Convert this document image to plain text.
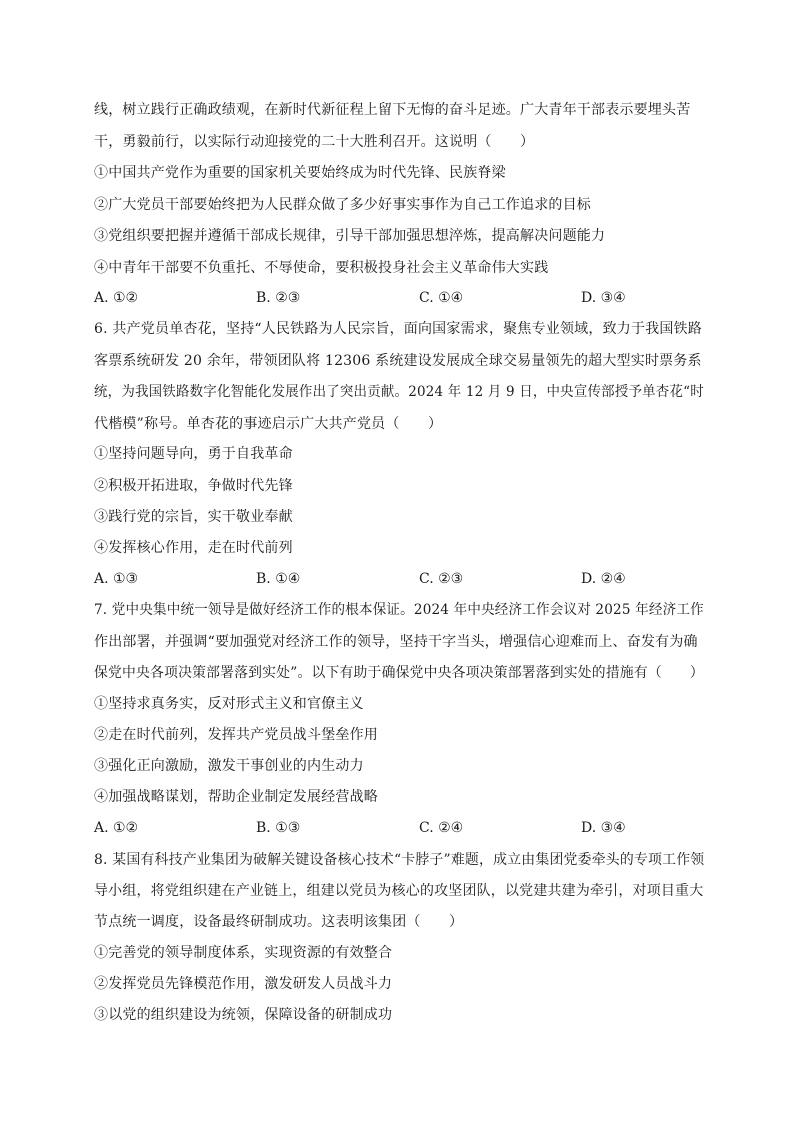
线，树立践行正确政绩观，在新时代新征程上留下无悔的奋斗足迹。广大青年干部表示要埋头苦
干，勇毅前行，以实际行动迎接党的二十大胜利召开。这说明（　　）
①中国共产党作为重要的国家机关要始终成为时代先锋、民族脊梁
②广大党员干部要始终把为人民群众做了多少好事实事作为自己工作追求的目标
③党组织要把握并遵循干部成长规律，引导干部加强思想淬炼，提高解决问题能力
④中青年干部要不负重托、不辱使命，要积极投身社会主义革命伟大实践
A. ①②	B. ②③	C. ①④	D. ③④
6. 共产党员单杏花，坚持“人民铁路为人民宗旨，面向国家需求，聚焦专业领域，致力于我国铁路
客票系统研发 20 余年，带领团队将 12306 系统建设发展成全球交易量领先的超大型实时票务系
统，为我国铁路数字化智能化发展作出了突出贡献。2024 年 12 月 9 日，中央宣传部授予单杏花“时
代楷模”称号。单杏花的事迹启示广大共产党员（　　）
①坚持问题导向，勇于自我革命
②积极开拓进取，争做时代先锋
③践行党的宗旨，实干敬业奉献
④发挥核心作用，走在时代前列
A. ①③	B. ①④	C. ②③	D. ②④
7. 党中央集中统一领导是做好经济工作的根本保证。2024 年中央经济工作会议对 2025 年经济工作
作出部署，并强调“要加强党对经济工作的领导，坚持干字当头，增强信心迎难而上、奋发有为确
保党中央各项决策部署落到实处”。以下有助于确保党中央各项决策部署落到实处的措施有（　　）
①坚持求真务实，反对形式主义和官僚主义
②走在时代前列，发挥共产党员战斗堡垒作用
③强化正向激励，激发干事创业的内生动力
④加强战略谋划，帮助企业制定发展经营战略
A. ①②	B. ①③	C. ②④	D. ③④
8. 某国有科技产业集团为破解关键设备核心技术“卡脖子”难题，成立由集团党委牵头的专项工作领
导小组，将党组织建在产业链上，组建以党员为核心的攻坚团队，以党建共建为牵引，对项目重大
节点统一调度，设备最终研制成功。这表明该集团（　　）
①完善党的领导制度体系，实现资源的有效整合
②发挥党员先锋模范作用，激发研发人员战斗力
③以党的组织建设为统领，保障设备的研制成功
